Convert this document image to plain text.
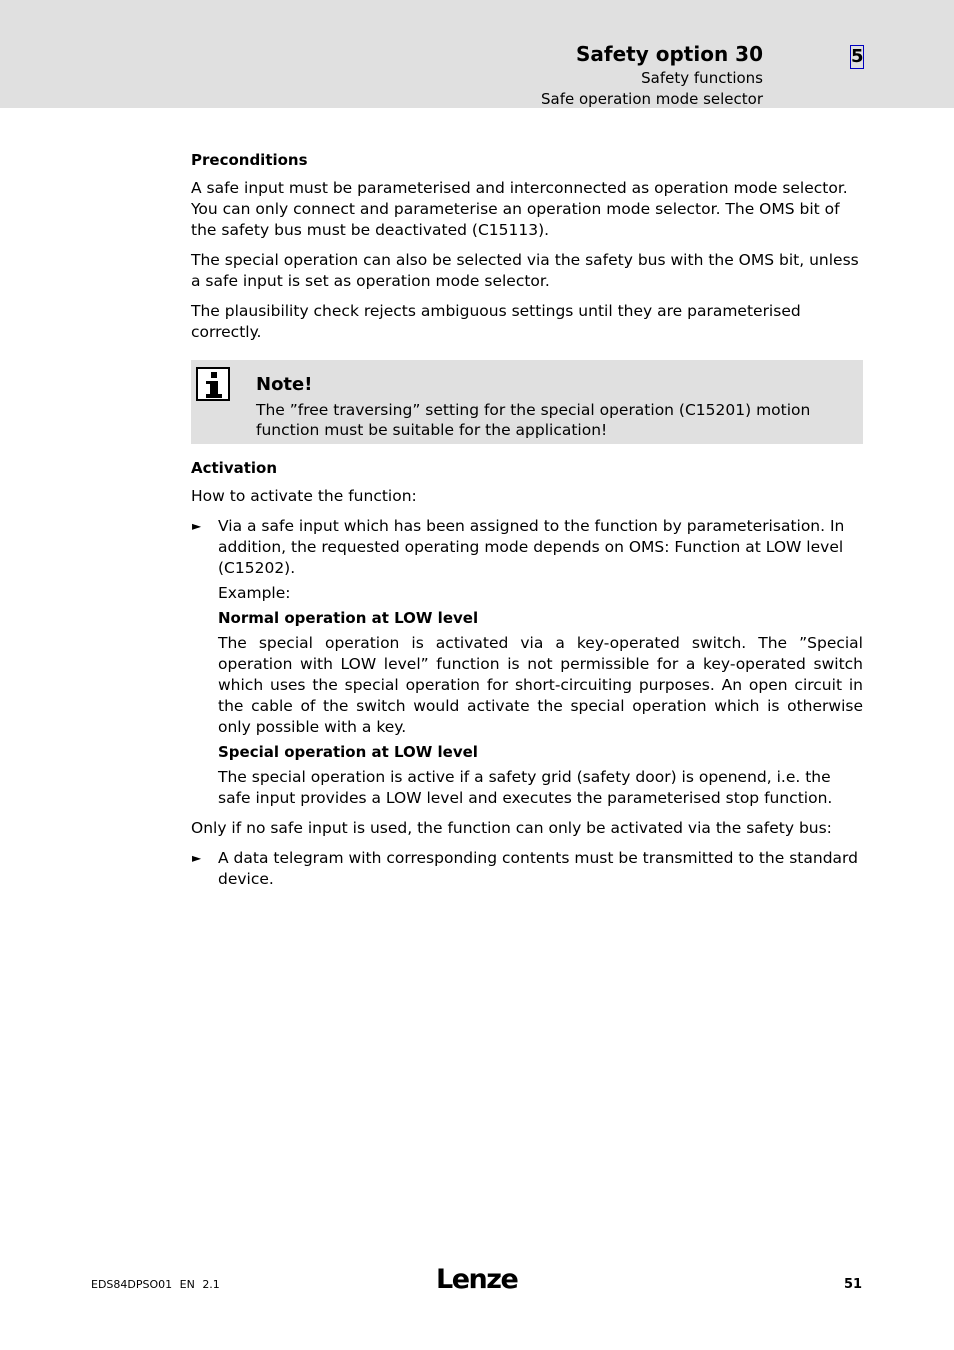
Safety option 30
Safety functions
Safe operation mode selector
5
Preconditions
A safe input must be parameterised and interconnected as operation mode selector. You can only connect and parameterise an operation mode selector. The OMS bit of the safety bus must be deactivated (C15113).
The special operation can also be selected via the safety bus with the OMS bit, unless a safe input is set as operation mode selector.
The plausibility check rejects ambiguous settings until they are parameterised correctly.
Note!
The ”free traversing” setting for the special operation (C15201) motion function must be suitable for the application!
Activation
How to activate the function:
► Via a safe input which has been assigned to the function by parameterisation. In addition, the requested operating mode depends on OMS: Function at LOW level (C15202).
Example:
Normal operation at LOW level
The special operation is activated via a key-operated switch. The ”Special operation with LOW level” function is not permissible for a key-operated switch which uses the special operation for short-circuiting purposes. An open circuit in the cable of the switch would activate the special operation which is otherwise only possible with a key.
Special operation at LOW level
The special operation is active if a safety grid (safety door) is openend, i.e. the safe input provides a LOW level and executes the parameterised stop function.
Only if no safe input is used, the function can only be activated via the safety bus:
► A data telegram with corresponding contents must be transmitted to the standard device.
EDS84DPSO01 EN 2.1	Lenze	51
